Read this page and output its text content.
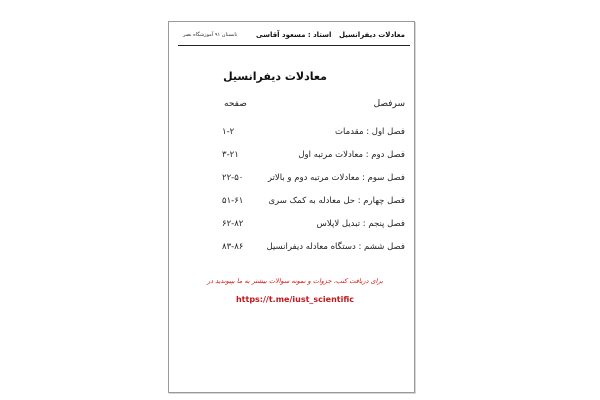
معادلات دیفرانسیل
استاد : مسعود آقاسی
تابستان ۹۱ آموزشگاه نصر
معادلات دیفرانسیل
سرفصل
صفحه
فصل اول : مقدمات
۱-۲
فصل دوم : معادلات مرتبه اول
۳-۲۱
فصل سوم : معادلات مرتبه دوم و بالاتر
۲۲-۵۰
فصل چهارم : حل معادله به کمک سری
۵۱-۶۱
فصل پنجم : تبدیل لاپلاس
۶۲-۸۲
فصل ششم : دستگاه معادله دیفرانسیل
۸۳-۸۶
برای دریافت کتب، جزوات و نمونه سوالات بیشتر به ما بپیوندید در
https://t.me/iust_scientific
